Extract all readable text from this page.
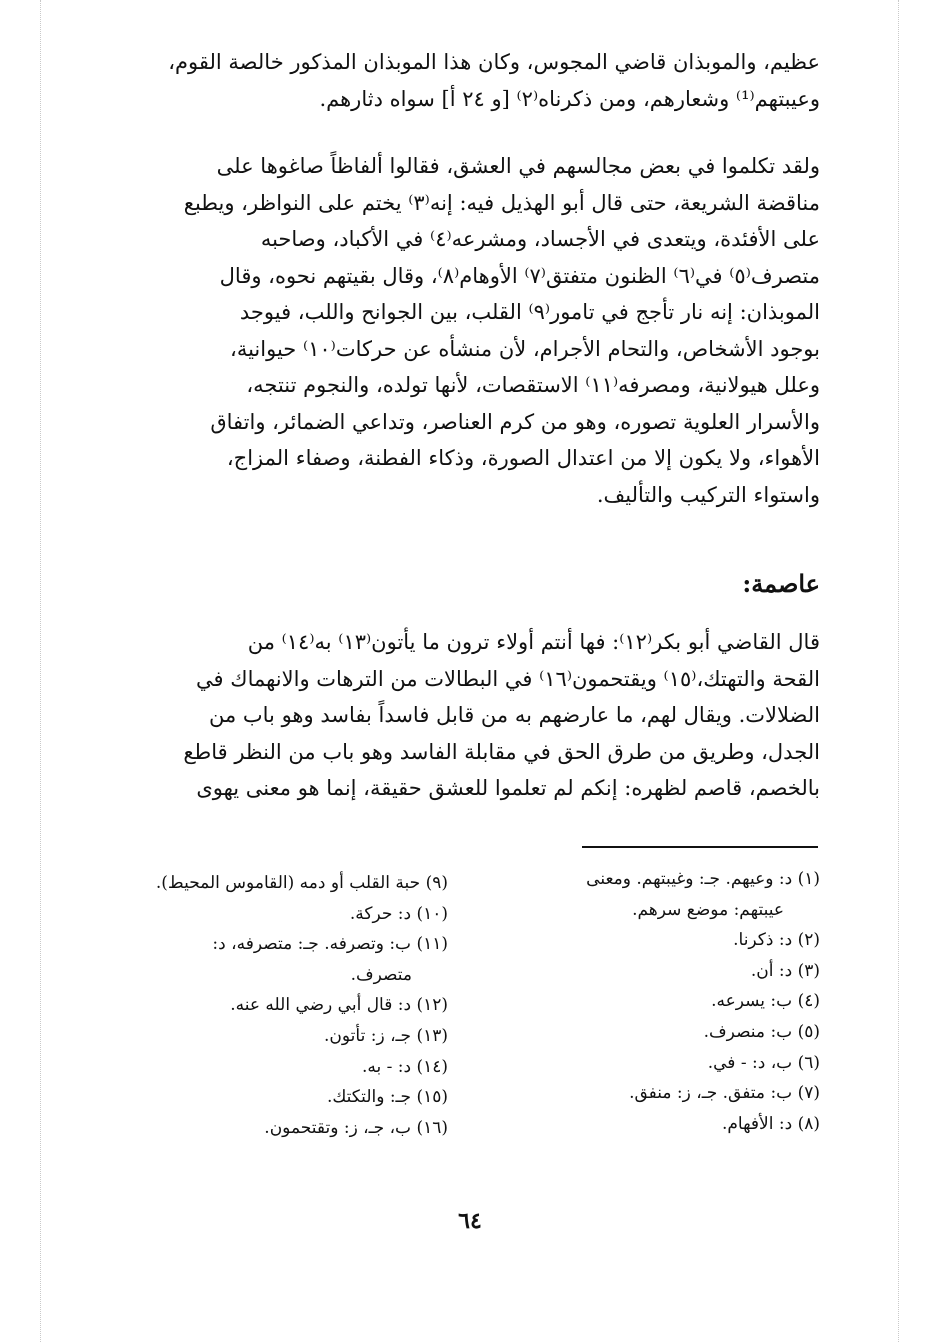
عظيم، والموبذان قاضي المجوس، وكان هذا الموبذان المذكور خالصة القوم،
وعيبتهم⁽¹⁾ وشعارهم، ومن ذكرناه⁽٢⁾ [و ٢٤ أ] سواه دثارهم.
ولقد تكلموا في بعض مجالسهم في العشق، فقالوا ألفاظاً صاغوها على
مناقضة الشريعة، حتى قال أبو الهذيل فيه: إنه⁽٣⁾ يختم على النواظر، ويطبع
على الأفئدة، ويتعدى في الأجساد، ومشرعه⁽٤⁾ في الأكباد، وصاحبه
متصرف⁽٥⁾ في⁽٦⁾ الظنون متفتق⁽٧⁾ الأوهام⁽٨⁾، وقال بقيتهم نحوه، وقال
الموبذان: إنه نار تأجج في تامور⁽٩⁾ القلب، بين الجوانح واللب، فيوجد
بوجود الأشخاص، والتحام الأجرام، لأن منشأه عن حركات⁽١٠⁾ حيوانية،
وعلل هيولانية، ومصرفه⁽١١⁾ الاستقصات، لأنها تولده، والنجوم تنتجه،
والأسرار العلوية تصوره، وهو من كرم العناصر، وتداعي الضمائر، واتفاق
الأهواء، ولا يكون إلا من اعتدال الصورة، وذكاء الفطنة، وصفاء المزاج،
واستواء التركيب والتأليف.
عاصمة:
قال القاضي أبو بكر⁽١٢⁾: فها أنتم أولاء ترون ما يأتون⁽١٣⁾ به⁽١٤⁾ من
القحة والتهتك،⁽١٥⁾ ويقتحمون⁽١٦⁾ في البطالات من الترهات والانهماك في
الضلالات. ويقال لهم، ما عارضهم به من قابل فاسداً بفاسد وهو باب من
الجدل، وطريق من طرق الحق في مقابلة الفاسد وهو باب من النظر قاطع
بالخصم، قاصم لظهره: إنكم لم تعلموا للعشق حقيقة، إنما هو معنى يهوى
(١) د: وعيهم. جـ: وغيبتهم. ومعنى
عيبتهم: موضع سرهم.
(٢) د: ذكرنا.
(٣) د: أن.
(٤) ب: يسرعه.
(٥) ب: منصرف.
(٦) ب، د: - في.
(٧) ب: متفق. جـ، ز: منفق.
(٨) د: الأفهام.
(٩) حبة القلب أو دمه (القاموس المحيط).
(١٠) د: حركة.
(١١) ب: وتصرفه. جـ: متصرفه، د:
متصرف.
(١٢) د: قال أبي رضي الله عنه.
(١٣) جـ، ز: تأتون.
(١٤) د: - به.
(١٥) جـ: والتكتك.
(١٦) ب، جـ، ز: وتقتحمون.
٦٤
